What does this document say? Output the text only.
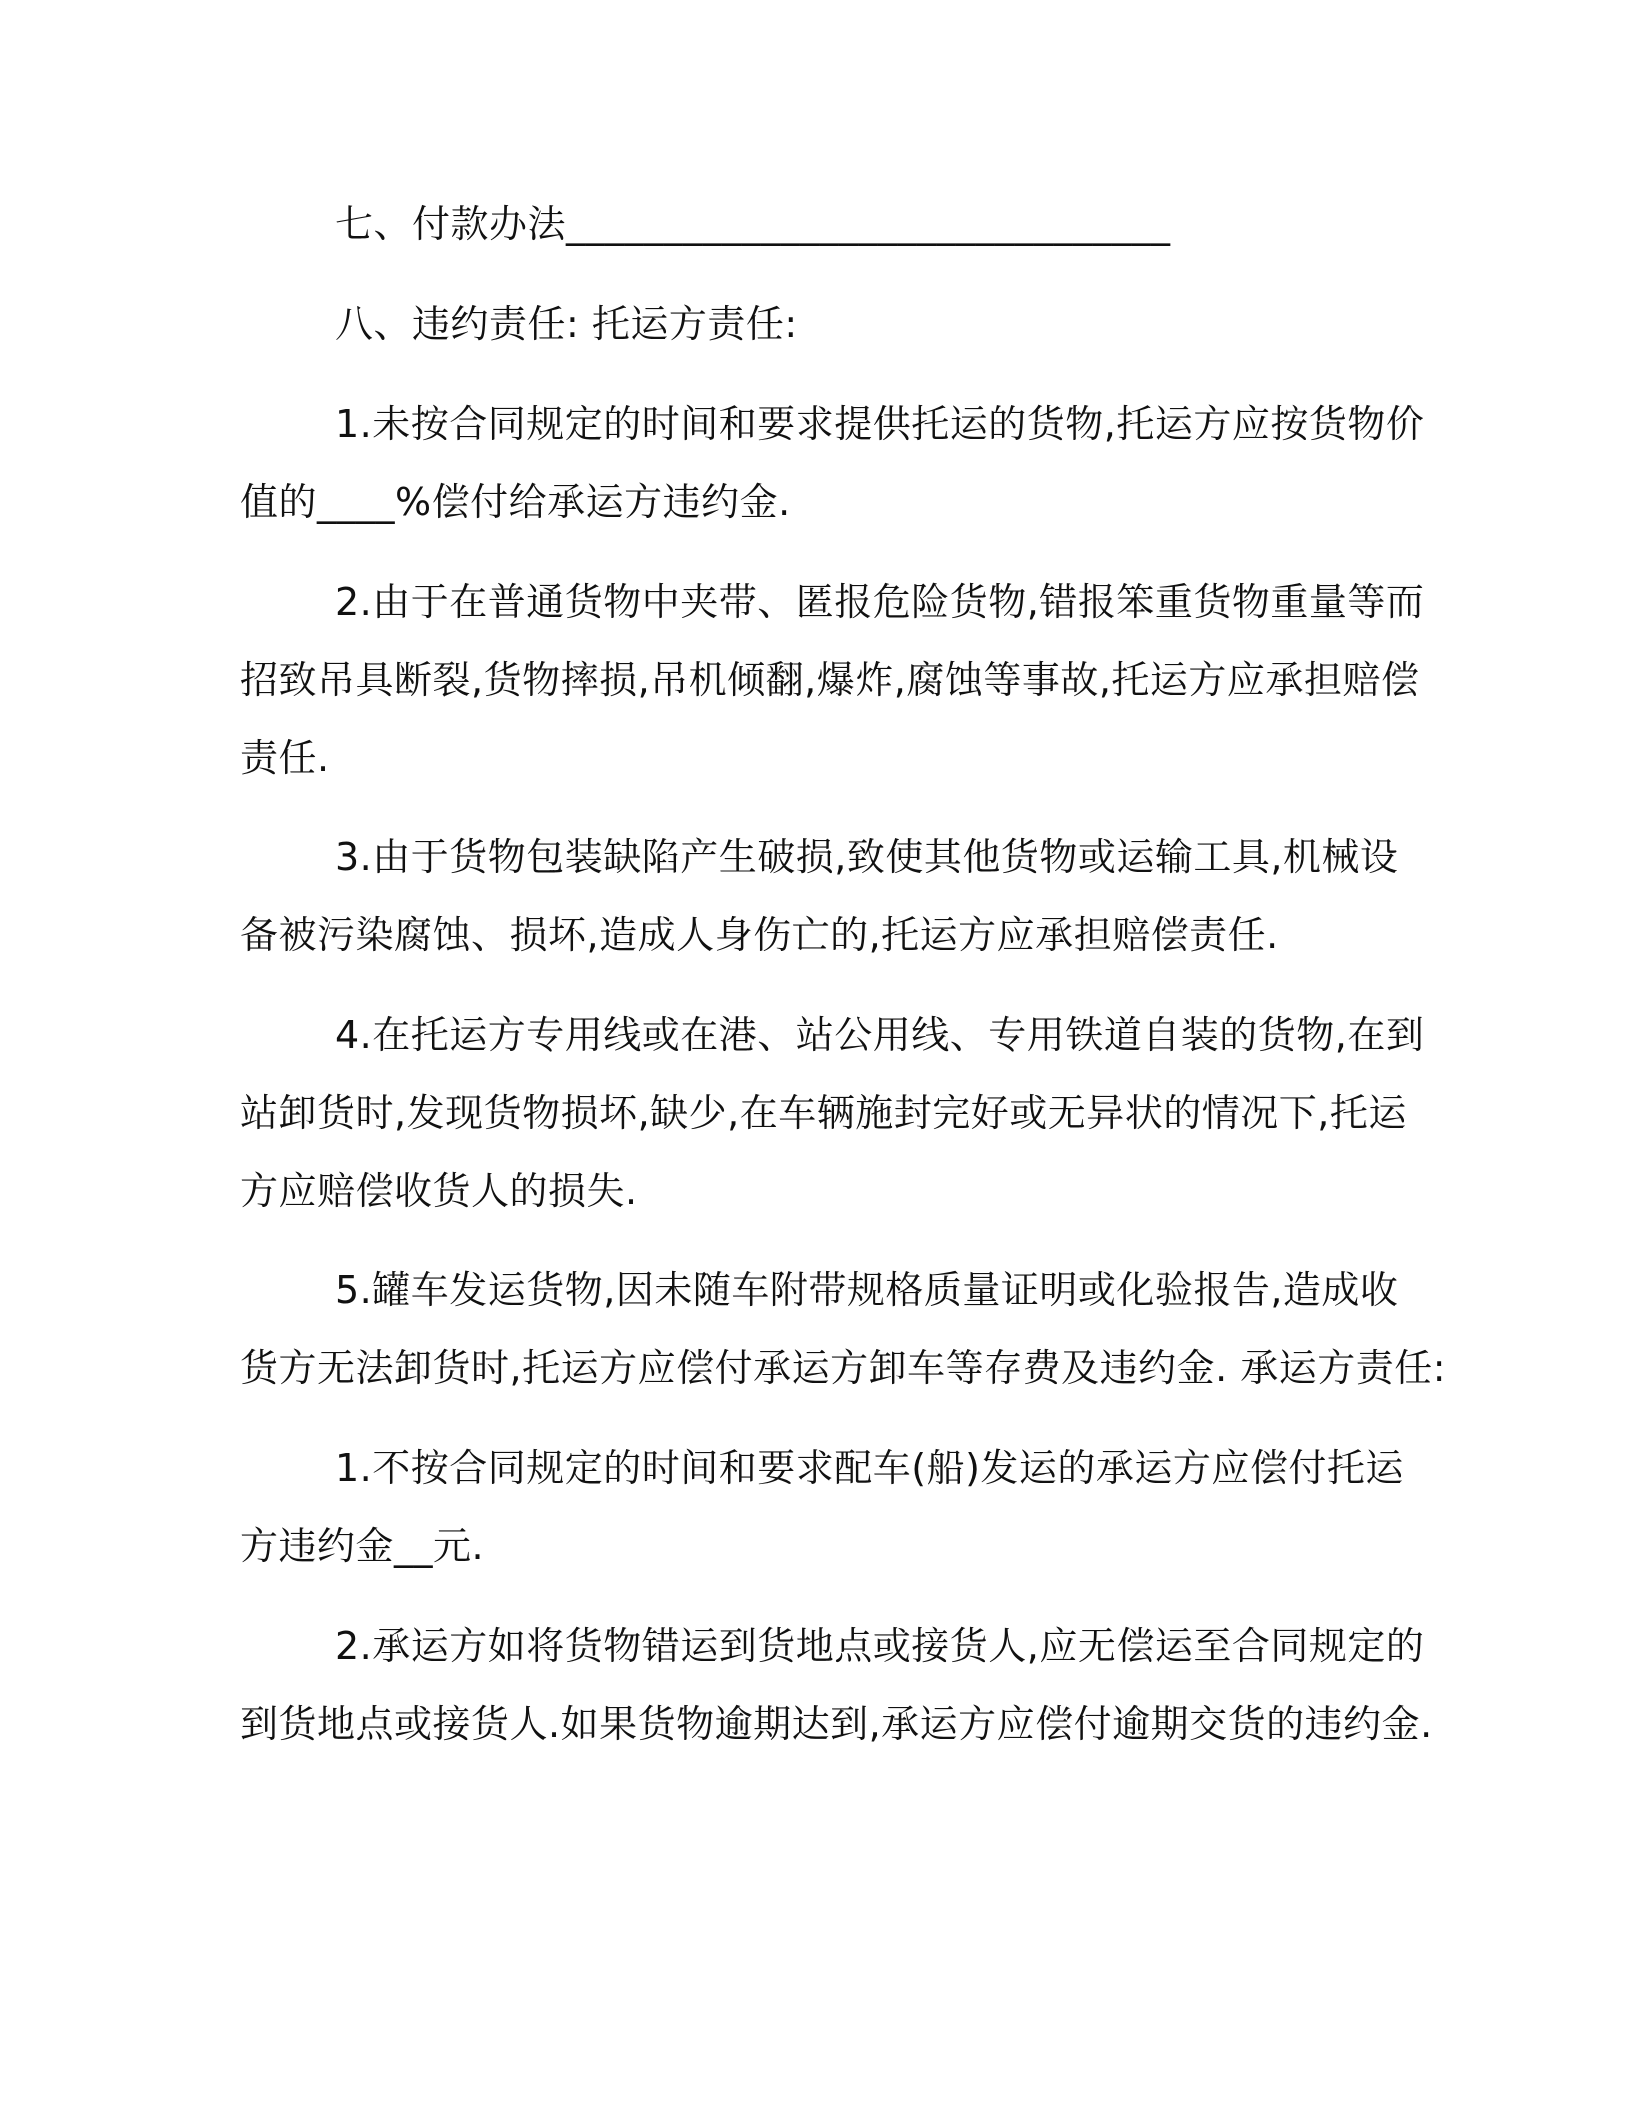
七、付款办法_______________________________
八、违约责任: 托运方责任:
1.未按合同规定的时间和要求提供托运的货物,托运方应按货物价
值的____%偿付给承运方违约金.
2.由于在普通货物中夹带、匿报危险货物,错报笨重货物重量等而
招致吊具断裂,货物摔损,吊机倾翻,爆炸,腐蚀等事故,托运方应承担赔偿
责任.
3.由于货物包装缺陷产生破损,致使其他货物或运输工具,机械设
备被污染腐蚀、损坏,造成人身伤亡的,托运方应承担赔偿责任.
4.在托运方专用线或在港、站公用线、专用铁道自装的货物,在到
站卸货时,发现货物损坏,缺少,在车辆施封完好或无异状的情况下,托运
方应赔偿收货人的损失.
5.罐车发运货物,因未随车附带规格质量证明或化验报告,造成收
货方无法卸货时,托运方应偿付承运方卸车等存费及违约金. 承运方责任:
1.不按合同规定的时间和要求配车(船)发运的承运方应偿付托运
方违约金__元.
2.承运方如将货物错运到货地点或接货人,应无偿运至合同规定的
到货地点或接货人.如果货物逾期达到,承运方应偿付逾期交货的违约金.
